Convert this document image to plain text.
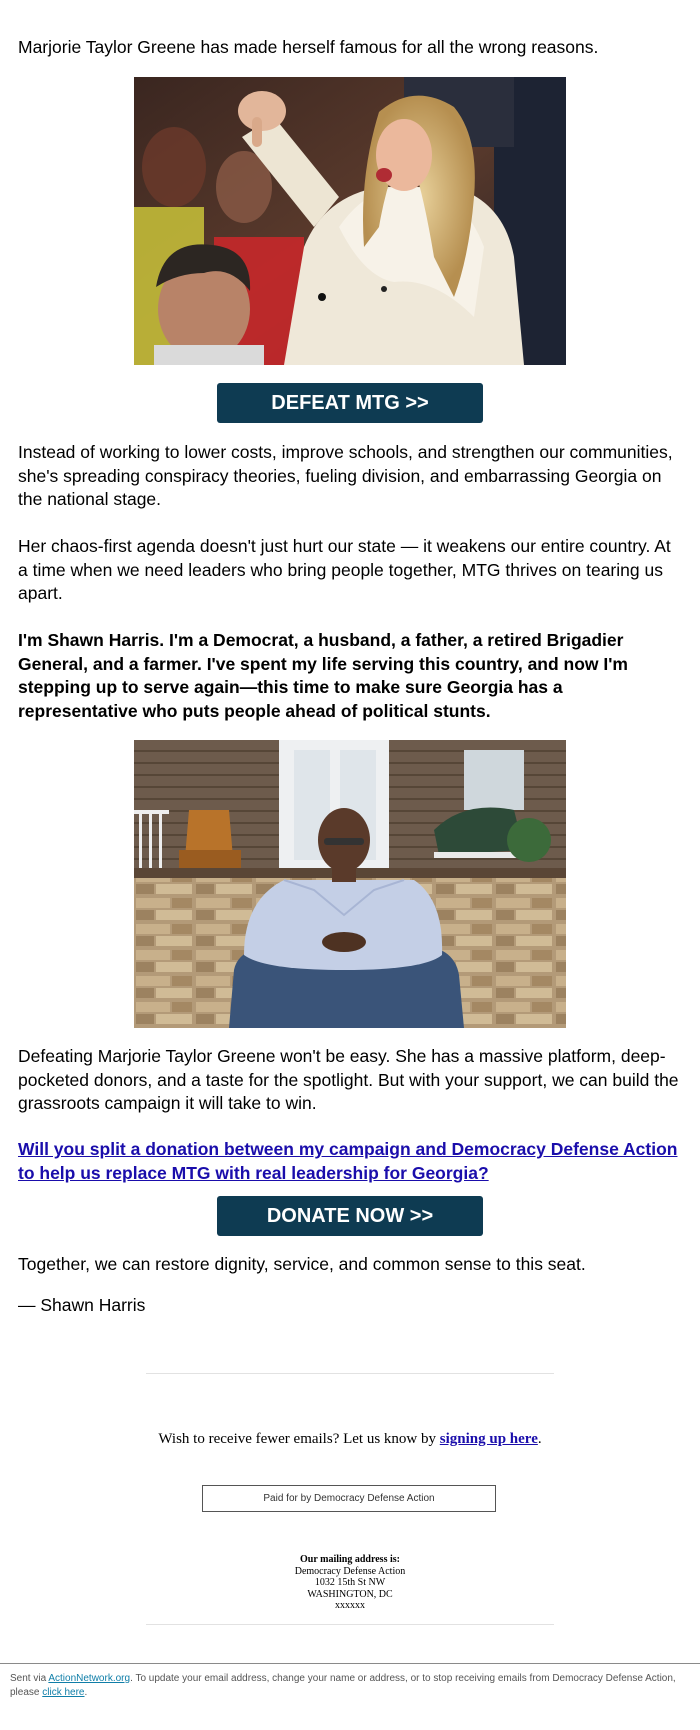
Marjorie Taylor Greene has made herself famous for all the wrong reasons.

DEFEAT MTG >>

Instead of working to lower costs, improve schools, and strengthen our communities, she's spreading conspiracy theories, fueling division, and embarrassing Georgia on the national stage.

Her chaos-first agenda doesn't just hurt our state — it weakens our entire country. At a time when we need leaders who bring people together, MTG thrives on tearing us apart.

I'm Shawn Harris. I'm a Democrat, a husband, a father, a retired Brigadier General, and a farmer. I've spent my life serving this country, and now I'm stepping up to serve again—this time to make sure Georgia has a representative who puts people ahead of political stunts.

Defeating Marjorie Taylor Greene won't be easy. She has a massive platform, deep-pocketed donors, and a taste for the spotlight. But with your support, we can build the grassroots campaign it will take to win.

Will you split a donation between my campaign and Democracy Defense Action to help us replace MTG with real leadership for Georgia?
DONATE NOW >>

Together, we can restore dignity, service, and common sense to this seat.

— Shawn Harris

Wish to receive fewer emails? Let us know by signing up here.
Paid for by Democracy Defense Action
Our mailing address is:
Democracy Defense Action
1032 15th St NW
WASHINGTON, DC
xxxxxx
Sent via ActionNetwork.org. To update your email address, change your name or address, or to stop receiving emails from Democracy Defense Action, please click here.
